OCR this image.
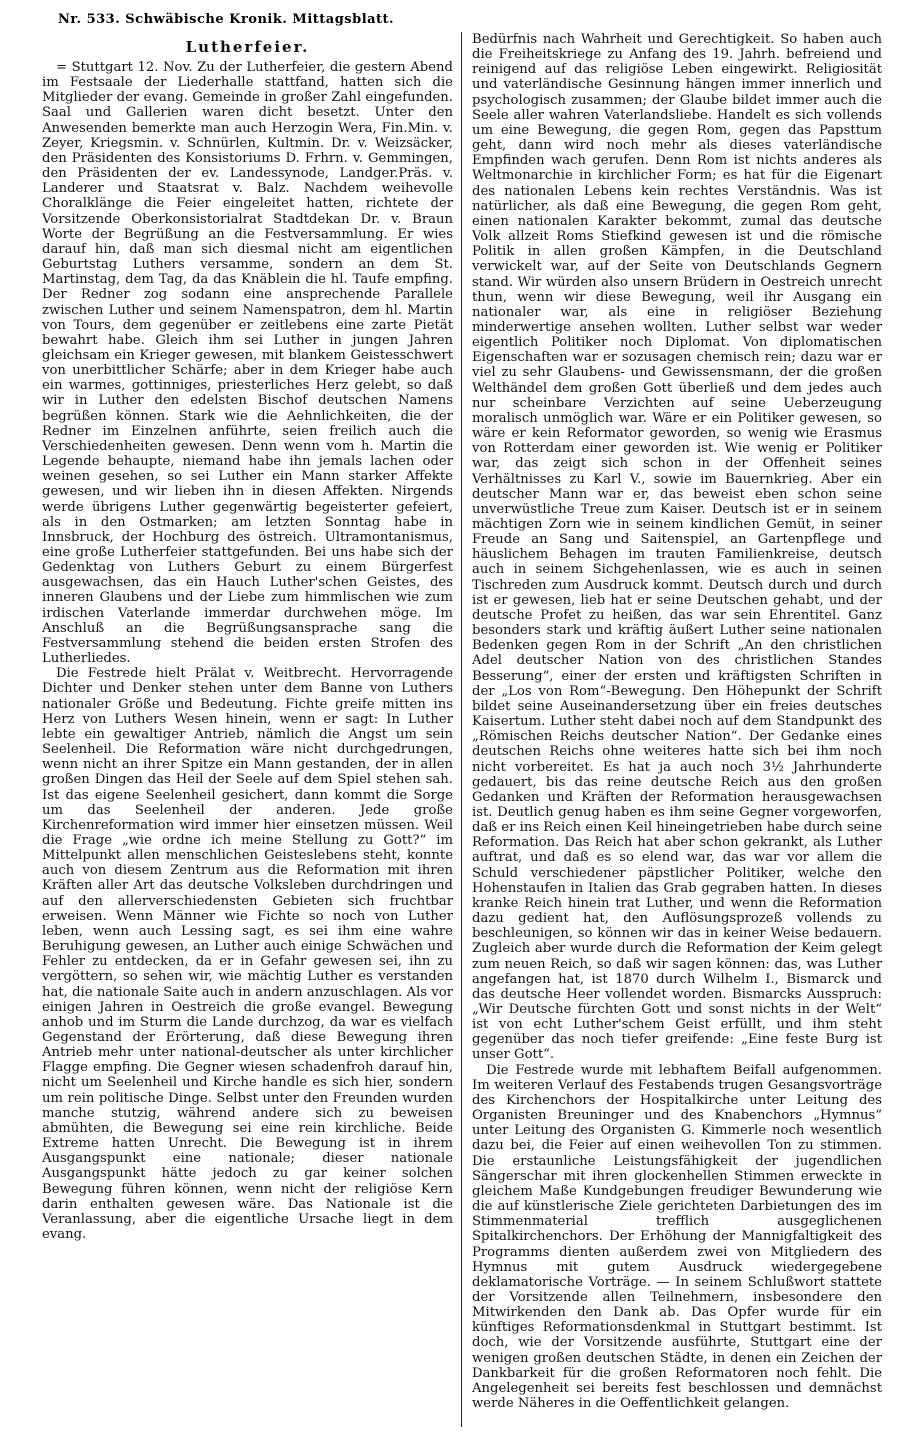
Nr. 533. Schwäbische Kronik. Mittagsblatt.
Lutherfeier.

= Stuttgart 12. Nov. Zu der Lutherfeier, die gestern Abend im Festsaale der Liederhalle stattfand, hatten sich die Mitglieder der evang. Gemeinde in großer Zahl eingefunden. Saal und Gallerien waren dicht besetzt. Unter den Anwesenden bemerkte man auch Herzogin Wera, Fin.Min. v. Zeyer, Kriegsmin. v. Schnürlen, Kultmin. Dr. v. Weizsäcker, den Präsidenten des Konsistoriums D. Frhrn. v. Gemmingen, den Präsidenten der ev. Landessynode, Landger.Präs. v. Landerer und Staatsrat v. Balz. Nachdem weihevolle Choralklänge die Feier eingeleitet hatten, richtete der Vorsitzende Oberkonsistorialrat Stadtdekan Dr. v. Braun Worte der Begrüßung an die Festversammlung. Er wies darauf hin, daß man sich diesmal nicht am eigentlichen Geburtstag Luthers versamme, sondern an dem St. Martinstag, dem Tag, da das Knäblein die hl. Taufe empfing. Der Redner zog sodann eine ansprechende Parallele zwischen Luther und seinem Namenspatron, dem hl. Martin von Tours, dem gegenüber er zeitlebens eine zarte Pietät bewahrt habe. Gleich ihm sei Luther in jungen Jahren gleichsam ein Krieger gewesen, mit blankem Geistesschwert von unerbittlicher Schärfe; aber in dem Krieger habe auch ein warmes, gottinniges, priesterliches Herz gelebt, so daß wir in Luther den edelsten Bischof deutschen Namens begrüßen können. Stark wie die Aehnlichkeiten, die der Redner im Einzelnen anführte, seien freilich auch die Verschiedenheiten gewesen. Denn wenn vom h. Martin die Legende behaupte, niemand habe ihn jemals lachen oder weinen gesehen, so sei Luther ein Mann starker Affekte gewesen, und wir lieben ihn in diesen Affekten. Nirgends werde übrigens Luther gegenwärtig begeisterter gefeiert, als in den Ostmarken; am letzten Sonntag habe in Innsbruck, der Hochburg des östreich. Ultramontanismus, eine große Lutherfeier stattgefunden. Bei uns habe sich der Gedenktag von Luthers Geburt zu einem Bürgerfest ausgewachsen, das ein Hauch Luther'schen Geistes, des inneren Glaubens und der Liebe zum himmlischen wie zum irdischen Vaterlande immerdar durchwehen möge. Im Anschluß an die Begrüßungsansprache sang die Festversammlung stehend die beiden ersten Strofen des Lutherliedes.

Die Festrede hielt Prälat v. Weitbrecht. Hervorragende Dichter und Denker stehen unter dem Banne von Luthers nationaler Größe und Bedeutung. Fichte greife mitten ins Herz von Luthers Wesen hinein, wenn er sagt: In Luther lebte ein gewaltiger Antrieb, nämlich die Angst um sein Seelenheil. Die Reformation wäre nicht durchgedrungen, wenn nicht an ihrer Spitze ein Mann gestanden, der in allen großen Dingen das Heil der Seele auf dem Spiel stehen sah. Ist das eigene Seelenheil gesichert, dann kommt die Sorge um das Seelenheil der anderen. Jede große Kirchenreformation wird immer hier einsetzen müssen. Weil die Frage „wie ordne ich meine Stellung zu Gott?“ im Mittelpunkt allen menschlichen Geisteslebens steht, konnte auch von diesem Zentrum aus die Reformation mit ihren Kräften aller Art das deutsche Volksleben durchdringen und auf den allerverschiedensten Gebieten sich fruchtbar erweisen. Wenn Männer wie Fichte so noch von Luther leben, wenn auch Lessing sagt, es sei ihm eine wahre Beruhigung gewesen, an Luther auch einige Schwächen und Fehler zu entdecken, da er in Gefahr gewesen sei, ihn zu vergöttern, so sehen wir, wie mächtig Luther es verstanden hat, die nationale Saite auch in andern anzuschlagen. Als vor einigen Jahren in Oestreich die große evangel. Bewegung anhob und im Sturm die Lande durchzog, da war es vielfach Gegenstand der Erörterung, daß diese Bewegung ihren Antrieb mehr unter national-deutscher als unter kirchlicher Flagge empfing. Die Gegner wiesen schadenfroh darauf hin, nicht um Seelenheil und Kirche handle es sich hier, sondern um rein politische Dinge. Selbst unter den Freunden wurden manche stutzig, während andere sich zu beweisen abmühten, die Bewegung sei eine rein kirchliche. Beide Extreme hatten Unrecht. Die Bewegung ist in ihrem Ausgangspunkt eine nationale; dieser nationale Ausgangspunkt hätte jedoch zu gar keiner solchen Bewegung führen können, wenn nicht der religiöse Kern darin enthalten gewesen wäre. Das Nationale ist die Veranlassung, aber die eigentliche Ursache liegt in dem evang.

Bedürfnis nach Wahrheit und Gerechtigkeit. So haben auch die Freiheitskriege zu Anfang des 19. Jahrh. befreiend und reinigend auf das religiöse Leben eingewirkt. Religiosität und vaterländische Gesinnung hängen immer innerlich und psychologisch zusammen; der Glaube bildet immer auch die Seele aller wahren Vaterlandsliebe. Handelt es sich vollends um eine Bewegung, die gegen Rom, gegen das Papsttum geht, dann wird noch mehr als dieses vaterländische Empfinden wach gerufen. Denn Rom ist nichts anderes als Weltmonarchie in kirchlicher Form; es hat für die Eigenart des nationalen Lebens kein rechtes Verständnis. Was ist natürlicher, als daß eine Bewegung, die gegen Rom geht, einen nationalen Karakter bekommt, zumal das deutsche Volk allzeit Roms Stiefkind gewesen ist und die römische Politik in allen großen Kämpfen, in die Deutschland verwickelt war, auf der Seite von Deutschlands Gegnern stand. Wir würden also unsern Brüdern in Oestreich unrecht thun, wenn wir diese Bewegung, weil ihr Ausgang ein nationaler war, als eine in religiöser Beziehung minderwertige ansehen wollten. Luther selbst war weder eigentlich Politiker noch Diplomat. Von diplomatischen Eigenschaften war er sozusagen chemisch rein; dazu war er viel zu sehr Glaubens- und Gewissensmann, der die großen Welthändel dem großen Gott überließ und dem jedes auch nur scheinbare Verzichten auf seine Ueberzeugung moralisch unmöglich war. Wäre er ein Politiker gewesen, so wäre er kein Reformator geworden, so wenig wie Erasmus von Rotterdam einer geworden ist. Wie wenig er Politiker war, das zeigt sich schon in der Offenheit seines Verhältnisses zu Karl V., sowie im Bauernkrieg. Aber ein deutscher Mann war er, das beweist eben schon seine unverwüstliche Treue zum Kaiser. Deutsch ist er in seinem mächtigen Zorn wie in seinem kindlichen Gemüt, in seiner Freude an Sang und Saitenspiel, an Gartenpflege und häuslichem Behagen im trauten Familienkreise, deutsch auch in seinem Sichgehenlassen, wie es auch in seinen Tischreden zum Ausdruck kommt. Deutsch durch und durch ist er gewesen, lieb hat er seine Deutschen gehabt, und der deutsche Profet zu heißen, das war sein Ehrentitel. Ganz besonders stark und kräftig äußert Luther seine nationalen Bedenken gegen Rom in der Schrift „An den christlichen Adel deutscher Nation von des christlichen Standes Besserung“, einer der ersten und kräftigsten Schriften in der „Los von Rom“-Bewegung. Den Höhepunkt der Schrift bildet seine Auseinandersetzung über ein freies deutsches Kaisertum. Luther steht dabei noch auf dem Standpunkt des „Römischen Reichs deutscher Nation“. Der Gedanke eines deutschen Reichs ohne weiteres hatte sich bei ihm noch nicht vorbereitet. Es hat ja auch noch 3½ Jahrhunderte gedauert, bis das reine deutsche Reich aus den großen Gedanken und Kräften der Reformation herausgewachsen ist. Deutlich genug haben es ihm seine Gegner vorgeworfen, daß er ins Reich einen Keil hineingetrieben habe durch seine Reformation. Das Reich hat aber schon gekrankt, als Luther auftrat, und daß es so elend war, das war vor allem die Schuld verschiedener päpstlicher Politiker, welche den Hohenstaufen in Italien das Grab gegraben hatten. In dieses kranke Reich hinein trat Luther, und wenn die Reformation dazu gedient hat, den Auflösungsprozeß vollends zu beschleunigen, so können wir das in keiner Weise bedauern. Zugleich aber wurde durch die Reformation der Keim gelegt zum neuen Reich, so daß wir sagen können: das, was Luther angefangen hat, ist 1870 durch Wilhelm I., Bismarck und das deutsche Heer vollendet worden. Bismarcks Ausspruch: „Wir Deutsche fürchten Gott und sonst nichts in der Welt“ ist von echt Luther'schem Geist erfüllt, und ihm steht gegenüber das noch tiefer greifende: „Eine feste Burg ist unser Gott“.

Die Festrede wurde mit lebhaftem Beifall aufgenommen. Im weiteren Verlauf des Festabends trugen Gesangsvorträge des Kirchenchors der Hospitalkirche unter Leitung des Organisten Breuninger und des Knabenchors „Hymnus“ unter Leitung des Organisten G. Kimmerle noch wesentlich dazu bei, die Feier auf einen weihevollen Ton zu stimmen. Die erstaunliche Leistungsfähigkeit der jugendlichen Sängerschar mit ihren glockenhellen Stimmen erweckte in gleichem Maße Kundgebungen freudiger Bewunderung wie die auf künstlerische Ziele gerichteten Darbietungen des im Stimmenmaterial trefflich ausgeglichenen Spitalkirchenchors. Der Erhöhung der Mannigfaltigkeit des Programms dienten außerdem zwei von Mitgliedern des Hymnus mit gutem Ausdruck wiedergegebene deklamatorische Vorträge. — In seinem Schlußwort stattete der Vorsitzende allen Teilnehmern, insbesondere den Mitwirkenden den Dank ab. Das Opfer wurde für ein künftiges Reformationsdenkmal in Stuttgart bestimmt. Ist doch, wie der Vorsitzende ausführte, Stuttgart eine der wenigen großen deutschen Städte, in denen ein Zeichen der Dankbarkeit für die großen Reformatoren noch fehlt. Die Angelegenheit sei bereits fest beschlossen und demnächst werde Näheres in die Oeffentlichkeit gelangen.
